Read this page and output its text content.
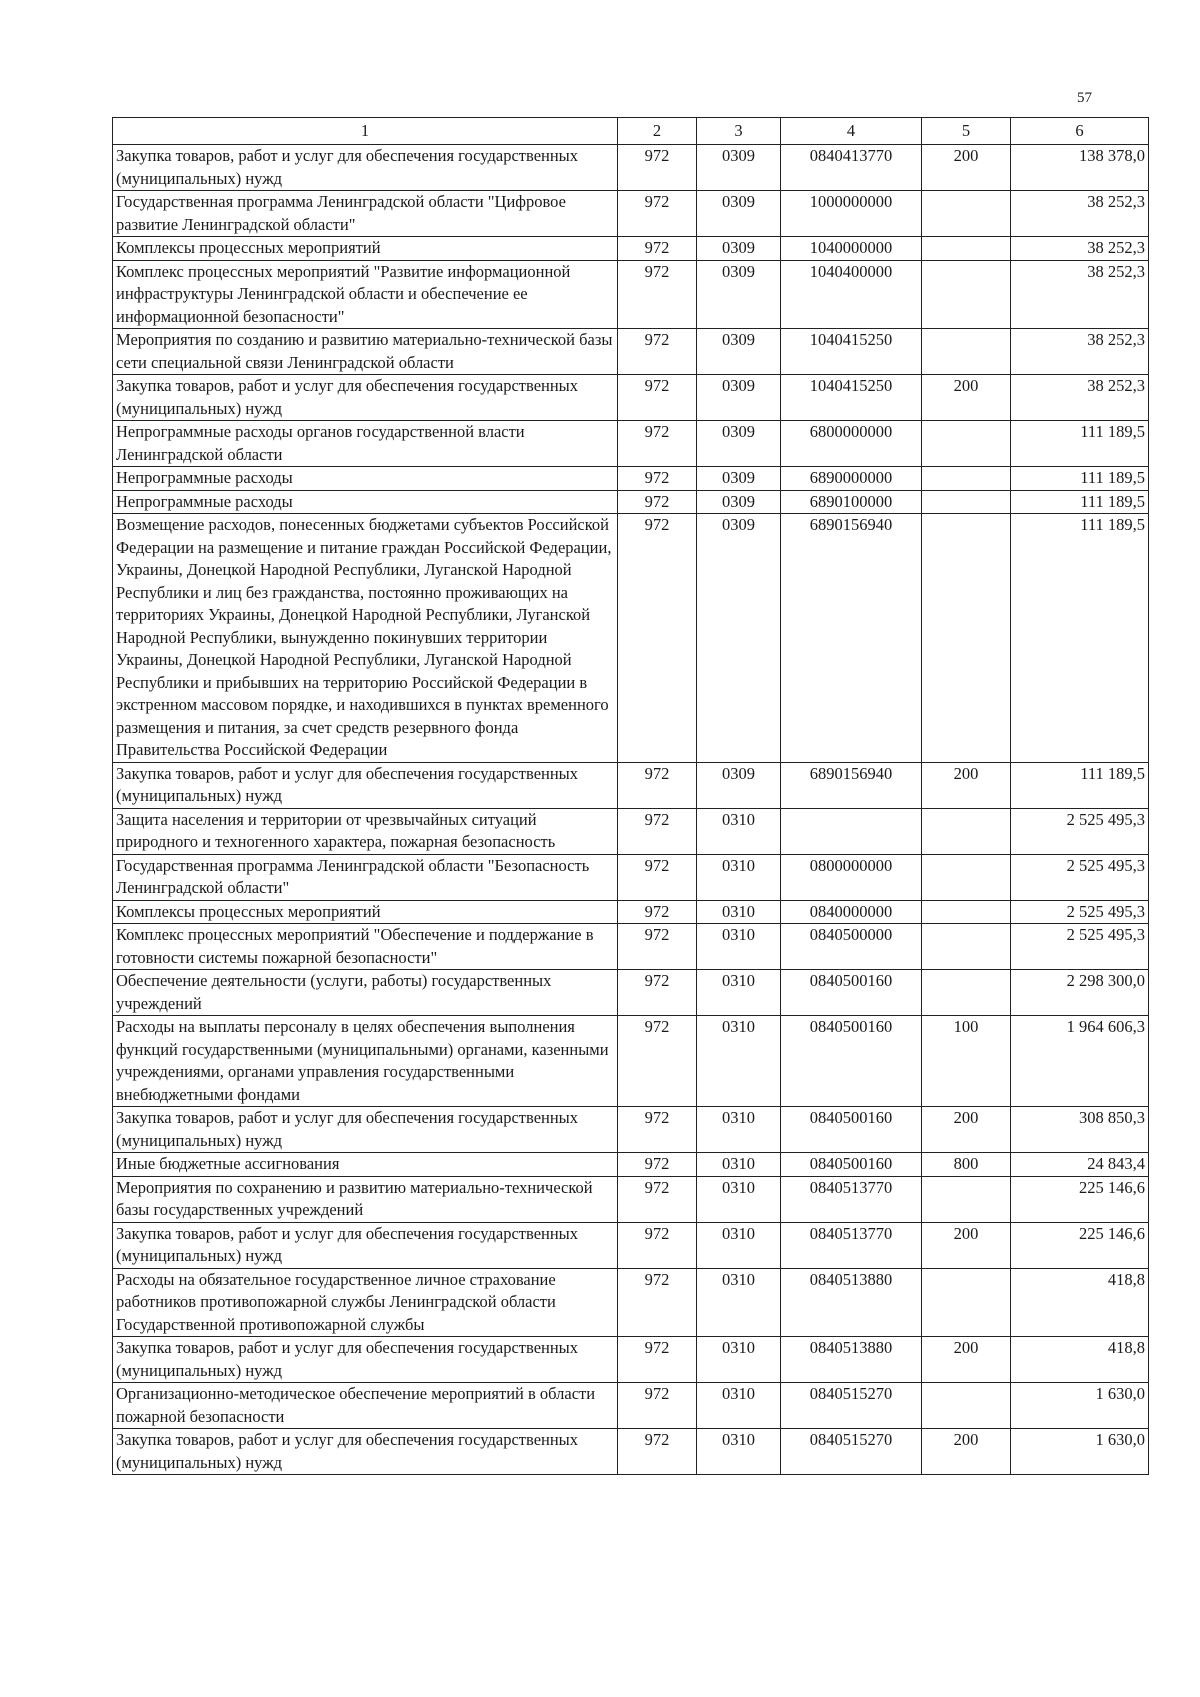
57
1	2	3	4	5	6
Закупка товаров, работ и услуг для обеспечения государственных (муниципальных) нужд	972	0309	0840413770	200	138 378,0
Государственная программа Ленинградской области "Цифровое развитие Ленинградской области"	972	0309	1000000000		38 252,3
Комплексы процессных мероприятий	972	0309	1040000000		38 252,3
Комплекс процессных мероприятий "Развитие информационной инфраструктуры Ленинградской области и обеспечение ее информационной безопасности"	972	0309	1040400000		38 252,3
Мероприятия по созданию и развитию материально-технической базы сети специальной связи Ленинградской области	972	0309	1040415250		38 252,3
Закупка товаров, работ и услуг для обеспечения государственных (муниципальных) нужд	972	0309	1040415250	200	38 252,3
Непрограммные расходы органов государственной власти Ленинградской области	972	0309	6800000000		111 189,5
Непрограммные расходы	972	0309	6890000000		111 189,5
Непрограммные расходы	972	0309	6890100000		111 189,5
Возмещение расходов, понесенных бюджетами субъектов Российской Федерации на размещение и питание граждан Российской Федерации, Украины, Донецкой Народной Республики, Луганской Народной Республики и лиц без гражданства, постоянно проживающих на территориях Украины, Донецкой Народной Республики, Луганской Народной Республики, вынужденно покинувших территории Украины, Донецкой Народной Республики, Луганской Народной Республики и прибывших на территорию Российской Федерации в экстренном массовом порядке, и находившихся в пунктах временного размещения и питания, за счет средств резервного фонда Правительства Российской Федерации	972	0309	6890156940		111 189,5
Закупка товаров, работ и услуг для обеспечения государственных (муниципальных) нужд	972	0309	6890156940	200	111 189,5
Защита населения и территории от чрезвычайных ситуаций природного и техногенного характера, пожарная безопасность	972	0310			2 525 495,3
Государственная программа Ленинградской области "Безопасность Ленинградской области"	972	0310	0800000000		2 525 495,3
Комплексы процессных мероприятий	972	0310	0840000000		2 525 495,3
Комплекс процессных мероприятий "Обеспечение и поддержание в готовности системы пожарной безопасности"	972	0310	0840500000		2 525 495,3
Обеспечение деятельности (услуги, работы) государственных учреждений	972	0310	0840500160		2 298 300,0
Расходы на выплаты персоналу в целях обеспечения выполнения функций государственными (муниципальными) органами, казенными учреждениями, органами управления государственными внебюджетными фондами	972	0310	0840500160	100	1 964 606,3
Закупка товаров, работ и услуг для обеспечения государственных (муниципальных) нужд	972	0310	0840500160	200	308 850,3
Иные бюджетные ассигнования	972	0310	0840500160	800	24 843,4
Мероприятия по сохранению и развитию материально-технической базы государственных учреждений	972	0310	0840513770		225 146,6
Закупка товаров, работ и услуг для обеспечения государственных (муниципальных) нужд	972	0310	0840513770	200	225 146,6
Расходы на обязательное государственное личное страхование работников противопожарной службы Ленинградской области Государственной противопожарной службы	972	0310	0840513880		418,8
Закупка товаров, работ и услуг для обеспечения государственных (муниципальных) нужд	972	0310	0840513880	200	418,8
Организационно-методическое обеспечение мероприятий в области пожарной безопасности	972	0310	0840515270		1 630,0
Закупка товаров, работ и услуг для обеспечения государственных (муниципальных) нужд	972	0310	0840515270	200	1 630,0
